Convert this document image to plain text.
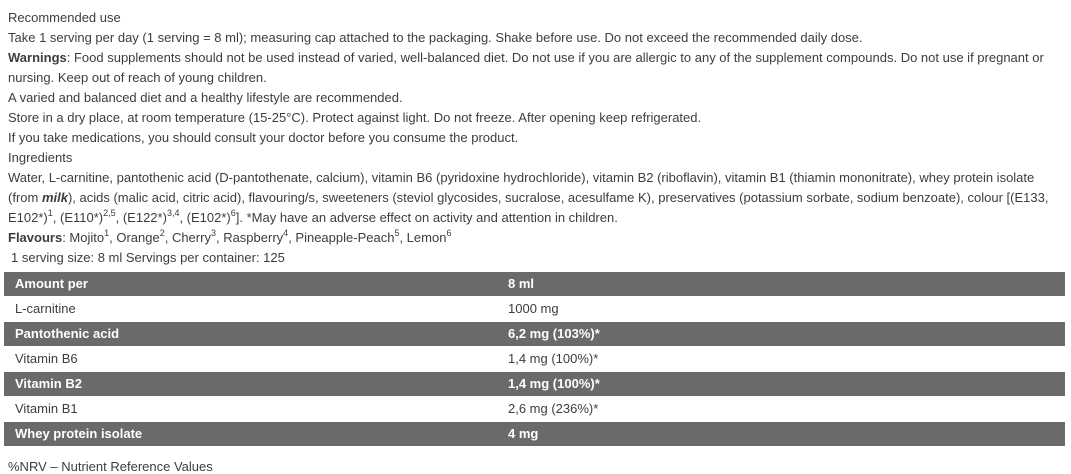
Recommended use

Take 1 serving per day (1 serving = 8 ml); measuring cap attached to the packaging. Shake before use. Do not exceed the recommended daily dose.

Warnings: Food supplements should not be used instead of varied, well-balanced diet. Do not use if you are allergic to any of the supplement compounds. Do not use if pregnant or nursing. Keep out of reach of young children.

A varied and balanced diet and a healthy lifestyle are recommended.

Store in a dry place, at room temperature (15-25°C). Protect against light. Do not freeze. After opening keep refrigerated.

If you take medications, you should consult your doctor before you consume the product.

Ingredients

Water, L-carnitine, pantothenic acid (D-pantothenate, calcium), vitamin B6 (pyridoxine hydrochloride), vitamin B2 (riboflavin), vitamin B1 (thiamin mononitrate), whey protein isolate (from milk), acids (malic acid, citric acid), flavouring/s, sweeteners (steviol glycosides, sucralose, acesulfame K), preservatives (potassium sorbate, sodium benzoate), colour [(E133, E102*)$^1$, $(E110*)^{2,5}$, $(E122*)^{3,4}$, $(E102*)^6$]. *May have an adverse effect on activity and attention in children.

Flavours: Mojito$^1$, Orange$^2$, Cherry$^3$, Raspberry$^4$, Pineapple-Peach$^5$, Lemon$^6$

1 serving size: 8 ml Servings per container: 125

Amount per	8 ml
L-carnitine	1000 mg
Pantothenic acid	6,2 mg (103%)*
Vitamin B6	1,4 mg (100%)*
Vitamin B2	1,4 mg (100%)*
Vitamin B1	2,6 mg (236%)*
Whey protein isolate	4 mg

%NRV – Nutrient Reference Values
